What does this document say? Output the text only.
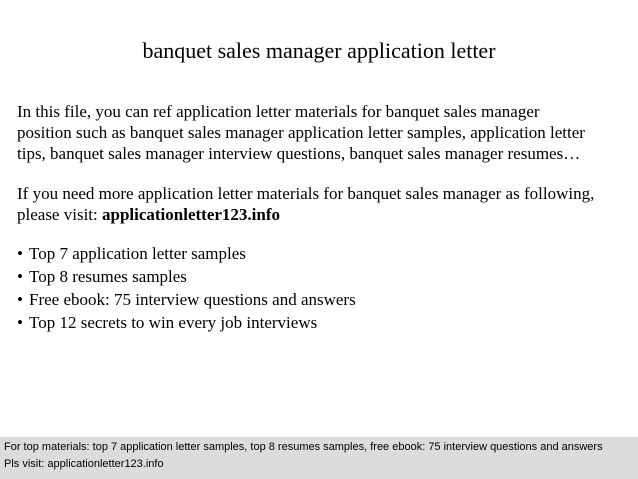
banquet sales manager application letter

In this file, you can ref application letter materials for banquet sales manager

position such as banquet sales manager application letter samples, application letter

tips, banquet sales manager interview questions, banquet sales manager resumes…

If you need more application letter materials for banquet sales manager as following,

please visit: applicationletter123.info

• Top 7 application letter samples
• Top 8 resumes samples
• Free ebook: 75 interview questions and answers
• Top 12 secrets to win every job interviews

For top materials: top 7 application letter samples, top 8 resumes samples, free ebook: 75 interview questions and answers

Pls visit: applicationletter123.info
